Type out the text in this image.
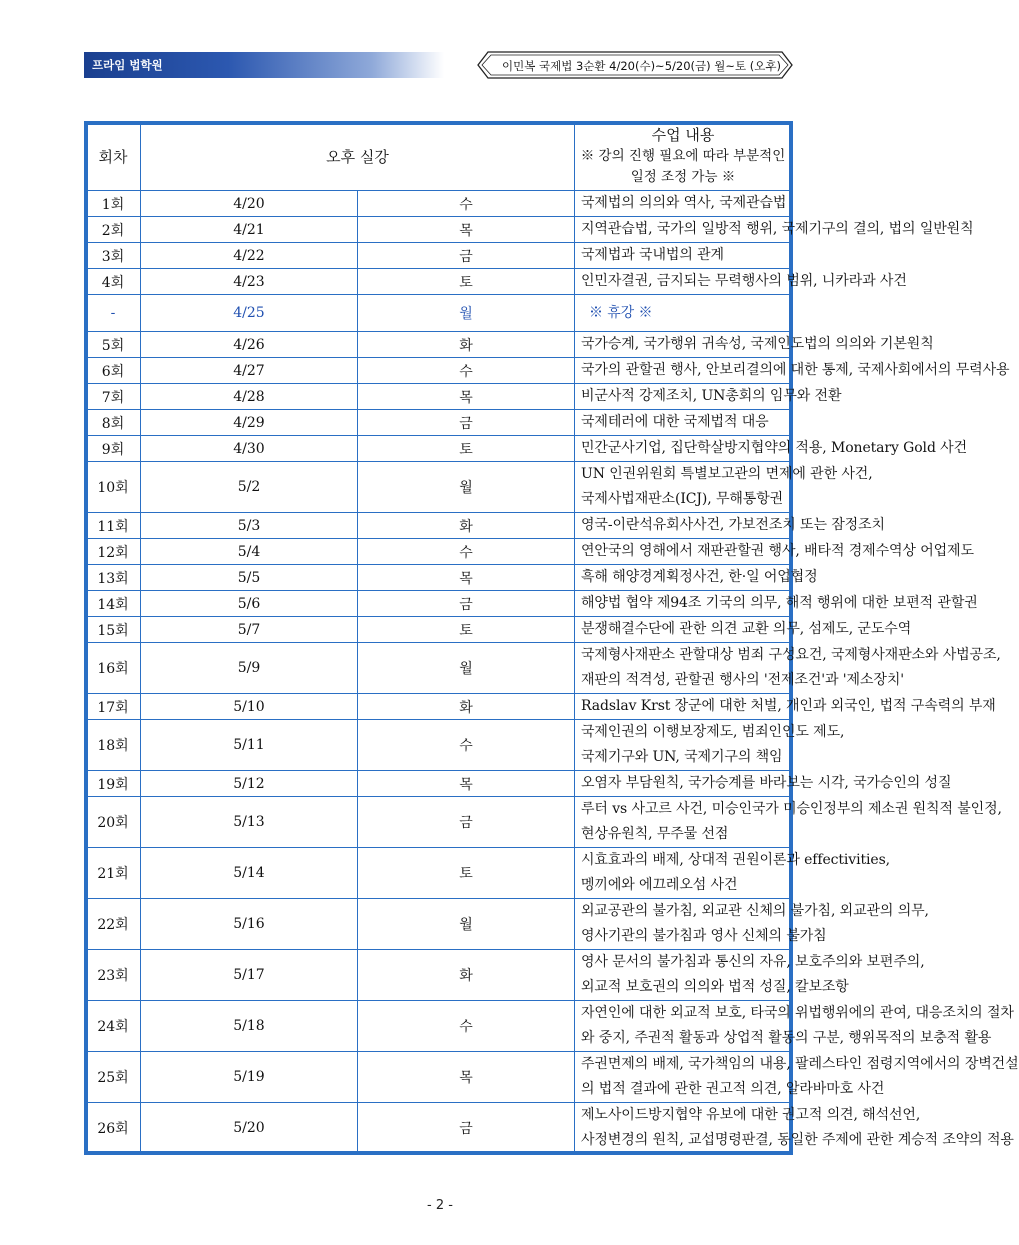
프라임 법학원	이민복 국제법 3순환 4/20(수)~5/20(금) 월~토 (오후)
회차	오후 실강		수업 내용
※ 강의 진행 필요에 따라 부분적인 일정 조정 가능 ※

1회	4/20	수	국제법의 의의와 역사, 국제관습법

2회	4/21	목	지역관습법, 국가의 일방적 행위, 국제기구의 결의, 법의 일반원칙

3회	4/22	금	국제법과 국내법의 관계

4회	4/23	토	인민자결권, 금지되는 무력행사의 범위, 니카라과 사건

-	4/25	월	※ 휴강 ※

5회	4/26	화	국가승계, 국가행위 귀속성, 국제인도법의 의의와 기본원칙

6회	4/27	수	국가의 관할권 행사, 안보리결의에 대한 통제, 국제사회에서의 무력사용

7회	4/28	목	비군사적 강제조치, UN총회의 임무와 전환

8회	4/29	금	국제테러에 대한 국제법적 대응

9회	4/30	토	민간군사기업, 집단학살방지협약의 적용, Monetary Gold 사건

10회	5/2	월	UN 인권위원회 특별보고관의 면제에 관한 사건,
국제사법재판소(ICJ), 무해통항권

11회	5/3	화	영국-이란석유회사사건, 가보전조치 또는 잠정조치

12회	5/4	수	연안국의 영해에서 재판관할권 행사, 배타적 경제수역상 어업제도

13회	5/5	목	흑해 해양경계획정사건, 한·일 어업협정

14회	5/6	금	해양법 협약 제94조 기국의 의무, 해적 행위에 대한 보편적 관할권

15회	5/7	토	분쟁해결수단에 관한 의견 교환 의무, 섬제도, 군도수역

16회	5/9	월	국제형사재판소 관할대상 범죄 구성요건, 국제형사재판소와 사법공조,
재판의 적격성, 관할권 행사의 '전제조건'과 '제소장치'

17회	5/10	화	Radslav Krst 장군에 대한 처벌, 개인과 외국인, 법적 구속력의 부재

18회	5/11	수	국제인권의 이행보장제도, 범죄인인도 제도,
국제기구와 UN, 국제기구의 책임

19회	5/12	목	오염자 부담원칙, 국가승계를 바라보는 시각, 국가승인의 성질

20회	5/13	금	루터 vs 사고르 사건, 미승인국가 미승인정부의 제소권 원칙적 불인정,
현상유원칙, 무주물 선점

21회	5/14	토	시효효과의 배제, 상대적 권원이론과 effectivities,
멩끼에와 에끄레오섬 사건

22회	5/16	월	외교공관의 불가침, 외교관 신체의 불가침, 외교관의 의무,
영사기관의 불가침과 영사 신체의 불가침

23회	5/17	화	영사 문서의 불가침과 통신의 자유, 보호주의와 보편주의,
외교적 보호권의 의의와 법적 성질, 칼보조항

24회	5/18	수	자연인에 대한 외교적 보호, 타국의 위법행위에의 관여, 대응조치의 절차
와 중지, 주권적 활동과 상업적 활동의 구분, 행위목적의 보충적 활용

25회	5/19	목	주권면제의 배제, 국가책임의 내용, 팔레스타인 점령지역에서의 장벽건설
의 법적 결과에 관한 권고적 의견, 알라바마호 사건

26회	5/20	금	제노사이드방지협약 유보에 대한 권고적 의견, 해석선언,
사정변경의 원칙, 교섭명령판결, 동일한 주제에 관한 계승적 조약의 적용
- 2 -
